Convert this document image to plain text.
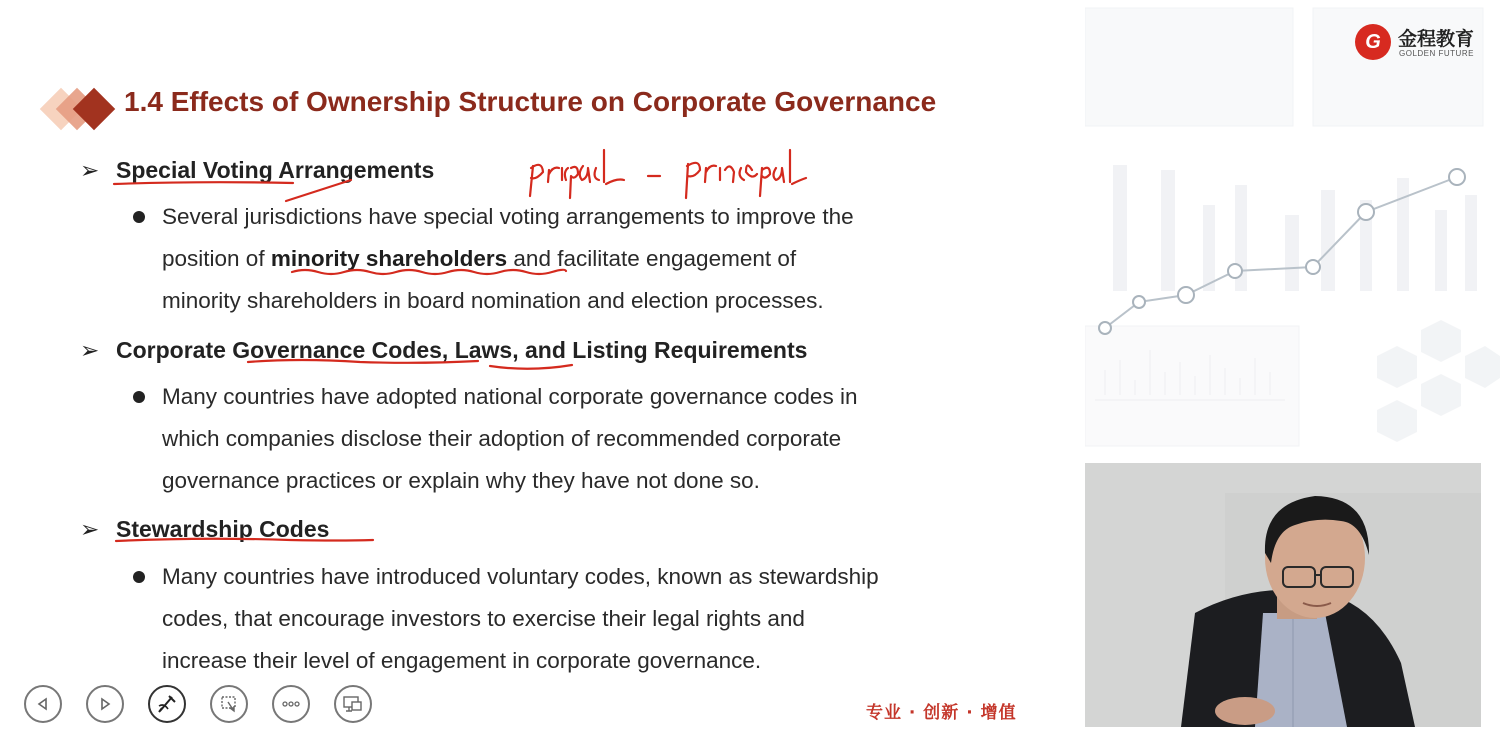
1.4 Effects of Ownership Structure on Corporate Governance
➢ Special Voting Arrangements
Several jurisdictions have special voting arrangements to improve the
position of minority shareholders and facilitate engagement of
minority shareholders in board nomination and election processes.
➢ Corporate Governance Codes, Laws, and Listing Requirements
Many countries have adopted national corporate governance codes in
which companies disclose their adoption of recommended corporate
governance practices or explain why they have not done so.
➢ Stewardship Codes
Many countries have introduced voluntary codes, known as stewardship
codes, that encourage investors to exercise their legal rights and
increase their level of engagement in corporate governance.
专业 · 创新 · 增值
G 金程教育
GOLDEN FUTURE
